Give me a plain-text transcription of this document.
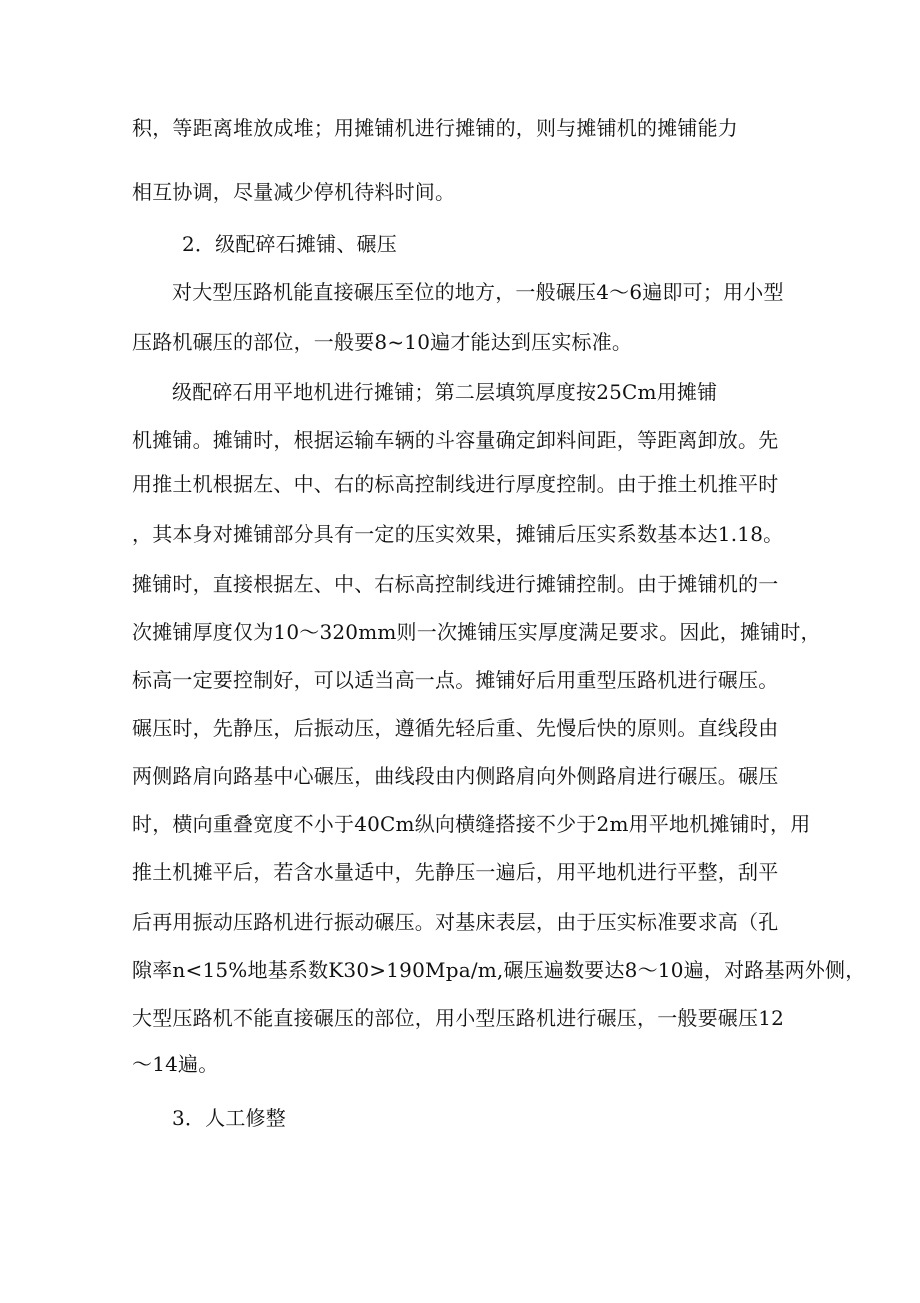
积，等距离堆放成堆；用摊铺机进行摊铺的，则与摊铺机的摊铺能力
相互协调，尽量减少停机待料时间。
2．级配碎石摊铺、碾压
对大型压路机能直接碾压至位的地方，一般碾压4～6遍即可；用小型
压路机碾压的部位，一般要8~10遍才能达到压实标准。
级配碎石用平地机进行摊铺；第二层填筑厚度按25Cm用摊铺
机摊铺。摊铺时，根据运输车辆的斗容量确定卸料间距，等距离卸放。先
用推土机根据左、中、右的标高控制线进行厚度控制。由于推土机推平时
，其本身对摊铺部分具有一定的压实效果，摊铺后压实系数基本达1.18。
摊铺时，直接根据左、中、右标高控制线进行摊铺控制。由于摊铺机的一
次摊铺厚度仅为10～320mm则一次摊铺压实厚度满足要求。因此，摊铺时，
标高一定要控制好，可以适当高一点。摊铺好后用重型压路机进行碾压。
碾压时，先静压，后振动压，遵循先轻后重、先慢后快的原则。直线段由
两侧路肩向路基中心碾压，曲线段由内侧路肩向外侧路肩进行碾压。碾压
时，横向重叠宽度不小于40Cm纵向横缝搭接不少于2m用平地机摊铺时，用
推土机摊平后，若含水量适中，先静压一遍后，用平地机进行平整，刮平
后再用振动压路机进行振动碾压。对基床表层，由于压实标准要求高（孔
隙率n<15%地基系数K30>190Mpa/m,碾压遍数要达8～10遍，对路基两外侧，
大型压路机不能直接碾压的部位，用小型压路机进行碾压，一般要碾压12
～14遍。
3．人工修整
